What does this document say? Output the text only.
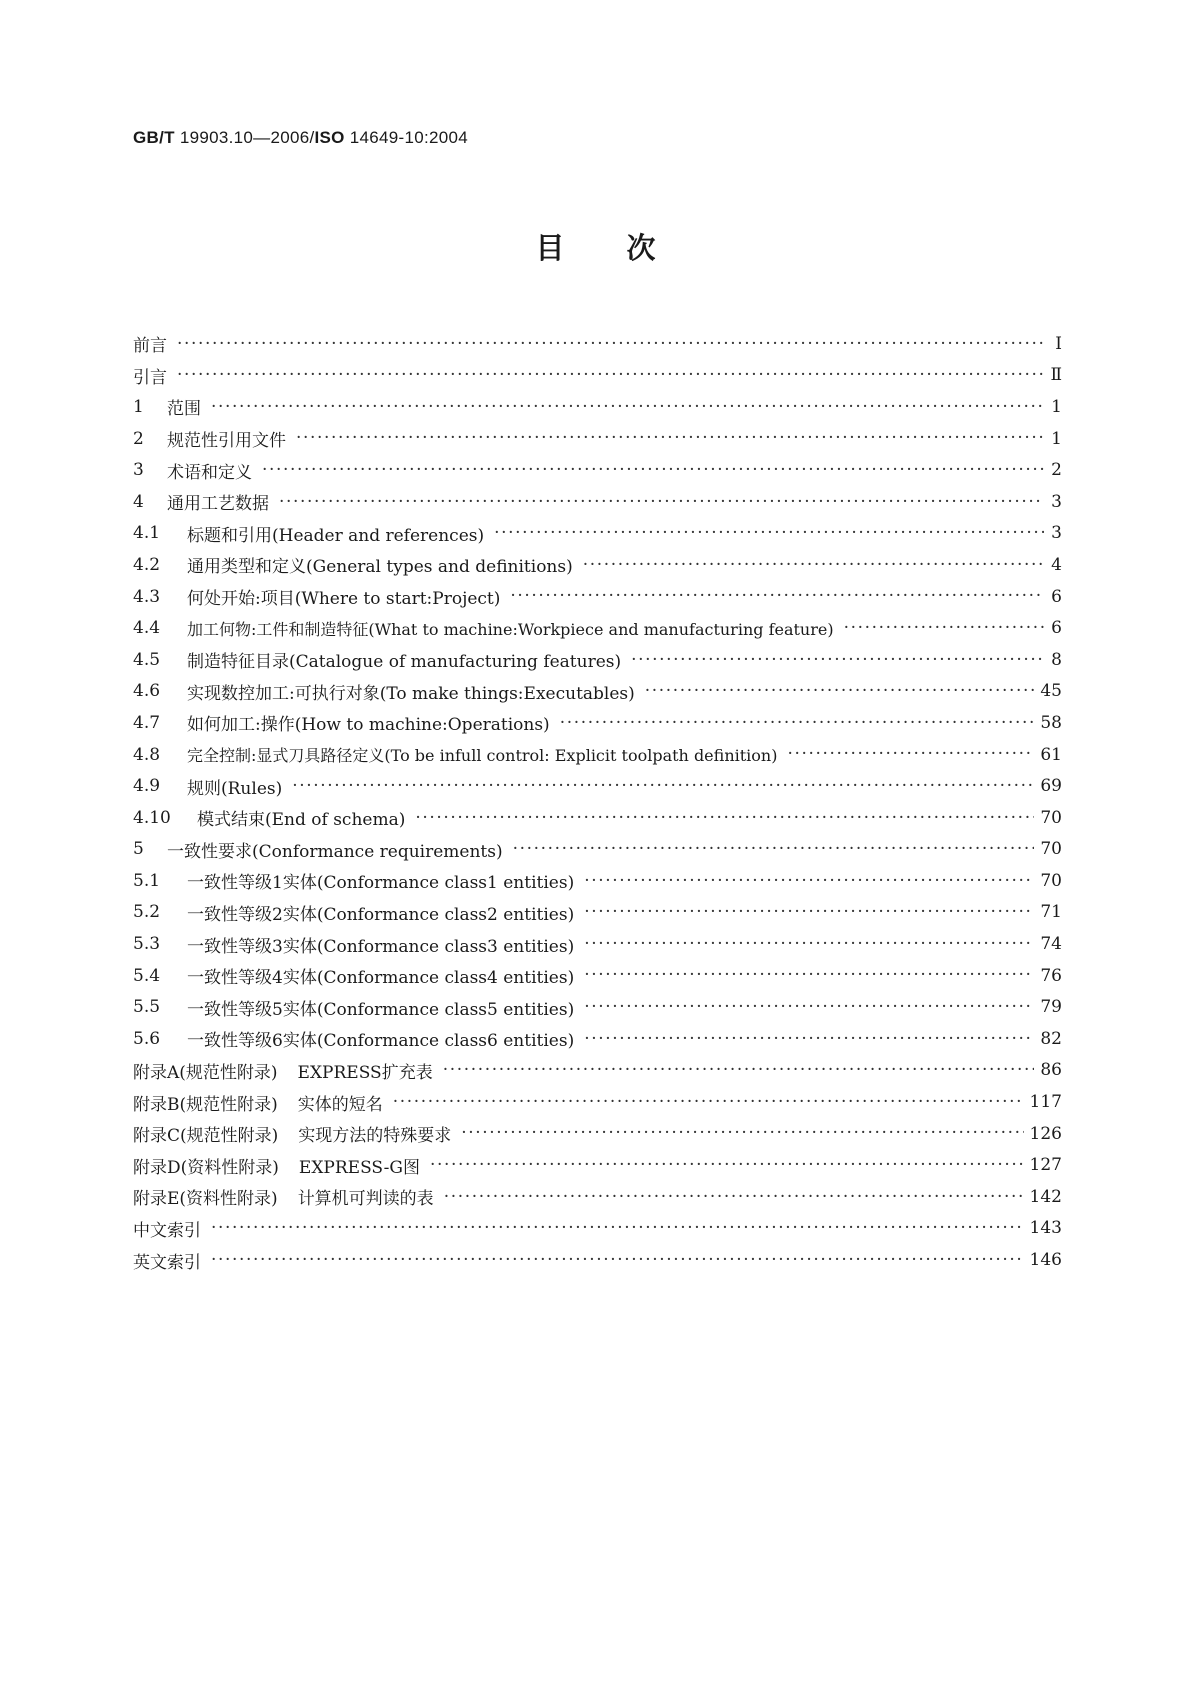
GB/T 19903.10—2006/ISO 14649-10:2004
目次
前言 ·····	Ⅰ
引言 ·····	Ⅱ
1	范围 ·····	1
2	规范性引用文件 ·····	1
3	术语和定义 ·····	2
4	通用工艺数据 ·····	3
4.1	标题和引用(Header and references) ·····	3
4.2	通用类型和定义(General types and definitions) ·····	4
4.3	何处开始:项目(Where to start:Project) ·····	6
4.4	加工何物:工件和制造特征(What to machine:Workpiece and manufacturing feature) ·····	6
4.5	制造特征目录(Catalogue of manufacturing features) ·····	8
4.6	实现数控加工:可执行对象(To make things:Executables) ·····	45
4.7	如何加工:操作(How to machine:Operations) ·····	58
4.8	完全控制:显式刀具路径定义(To be infull control: Explicit toolpath definition) ·····	61
4.9	规则(Rules) ·····	69
4.10	模式结束(End of schema) ·····	70
5	一致性要求(Conformance requirements) ·····	70
5.1	一致性等级1实体(Conformance class1 entities) ·····	70
5.2	一致性等级2实体(Conformance class2 entities) ·····	71
5.3	一致性等级3实体(Conformance class3 entities) ·····	74
5.4	一致性等级4实体(Conformance class4 entities) ·····	76
5.5	一致性等级5实体(Conformance class5 entities) ·····	79
5.6	一致性等级6实体(Conformance class6 entities) ·····	82
附录A(规范性附录)	EXPRESS扩充表 ·····	86
附录B(规范性附录)	实体的短名 ·····	117
附录C(规范性附录)	实现方法的特殊要求 ·····	126
附录D(资料性附录)	EXPRESS-G图 ·····	127
附录E(资料性附录)	计算机可判读的表 ·····	142
中文索引 ·····	143
英文索引 ·····	146
